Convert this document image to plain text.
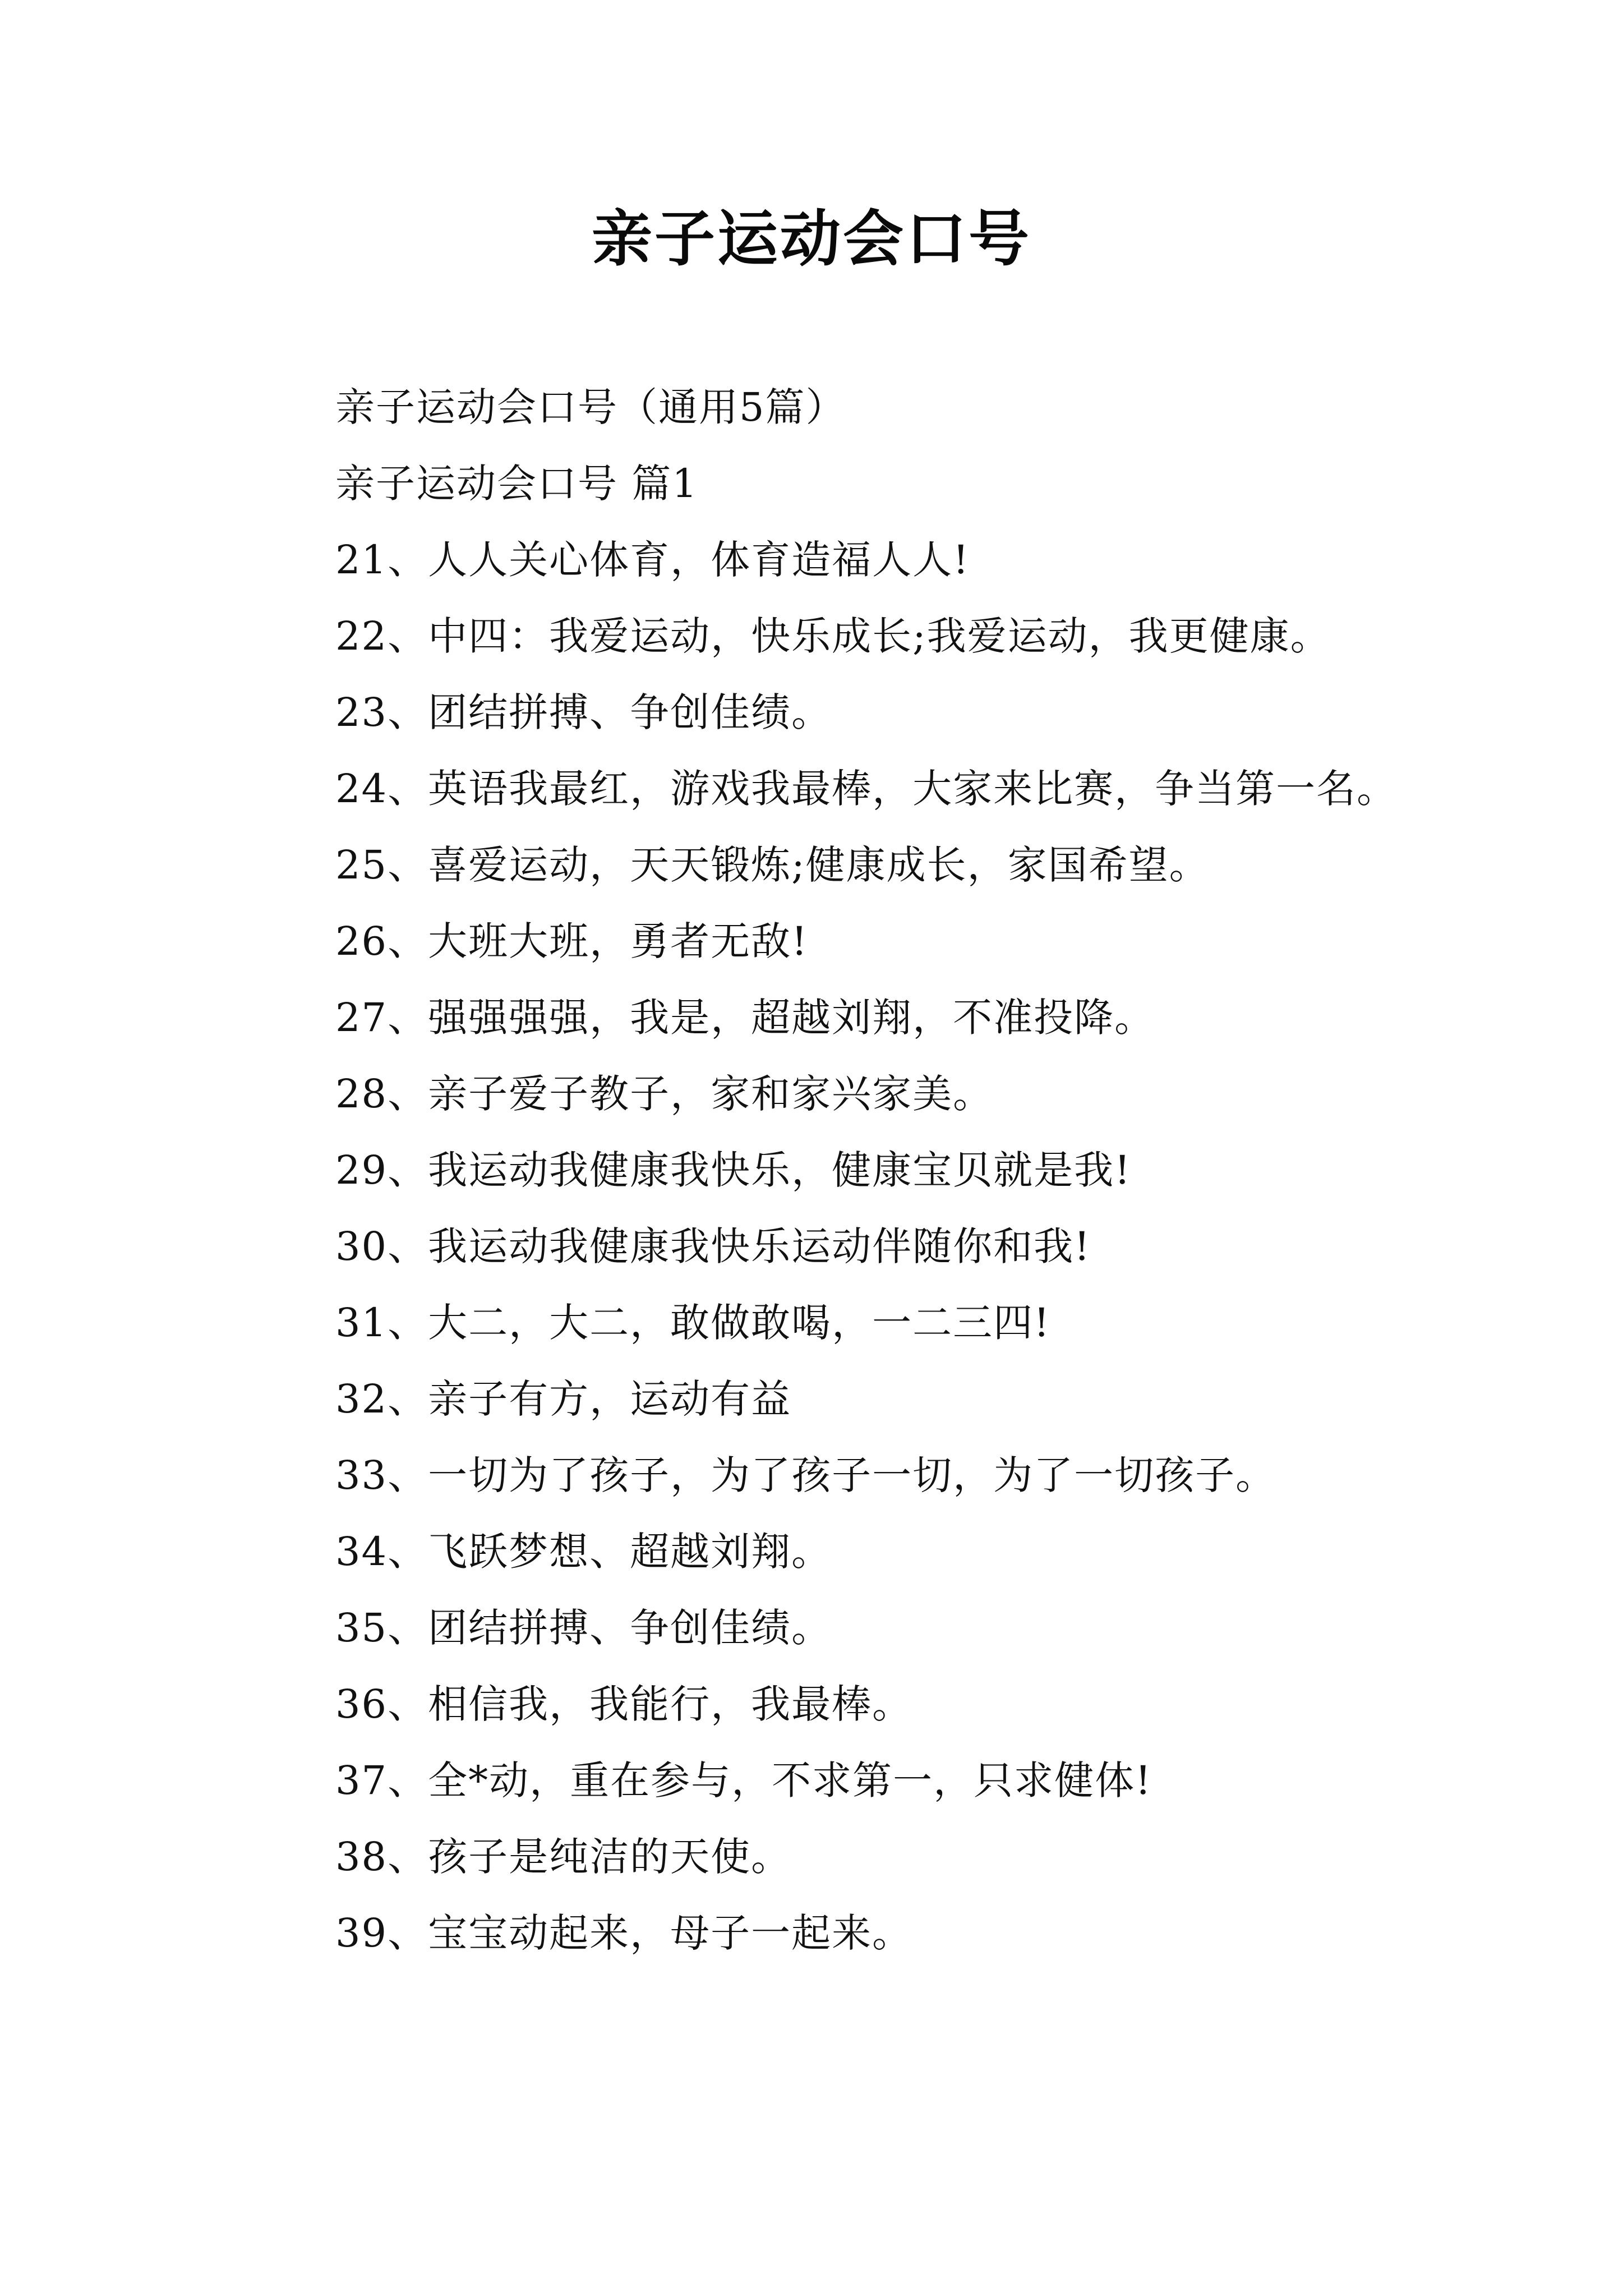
亲子运动会口号

亲子运动会口号（通用5篇）

亲子运动会口号 篇1

21、人人关心体育，体育造福人人!

22、中四：我爱运动，快乐成长;我爱运动，我更健康。

23、团结拼搏、争创佳绩。

24、英语我最红，游戏我最棒，大家来比赛，争当第一名。

25、喜爱运动，天天锻炼;健康成长，家国希望。

26、大班大班，勇者无敌!

27、强强强强，我是，超越刘翔，不准投降。

28、亲子爱子教子，家和家兴家美。

29、我运动我健康我快乐，健康宝贝就是我!

30、我运动我健康我快乐运动伴随你和我!

31、大二，大二，敢做敢喝，一二三四!

32、亲子有方，运动有益

33、一切为了孩子，为了孩子一切，为了一切孩子。

34、飞跃梦想、超越刘翔。

35、团结拼搏、争创佳绩。

36、相信我，我能行，我最棒。

37、全*动，重在参与，不求第一，只求健体!

38、孩子是纯洁的天使。

39、宝宝动起来，母子一起来。
